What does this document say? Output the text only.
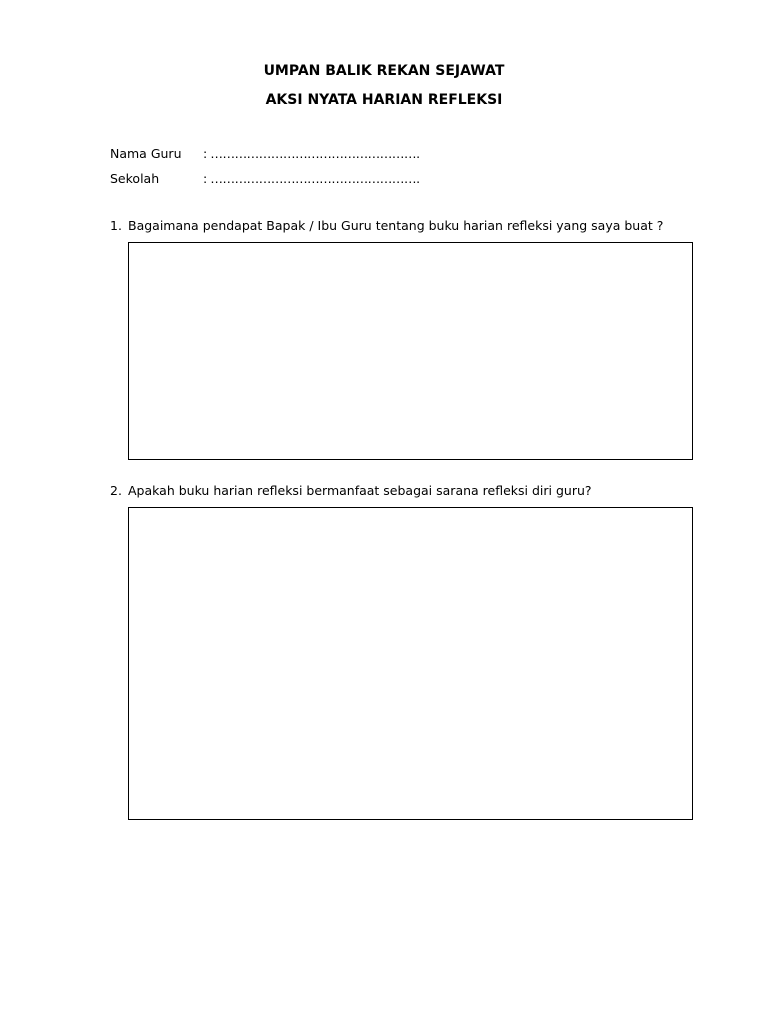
UMPAN BALIK REKAN SEJAWAT
AKSI NYATA HARIAN REFLEKSI
Nama Guru : …………………………………………….
Sekolah	: …………………………………………….
1. Bagaimana pendapat Bapak / Ibu Guru tentang buku harian refleksi yang saya buat ?
2. Apakah buku harian refleksi bermanfaat sebagai sarana refleksi diri guru?
